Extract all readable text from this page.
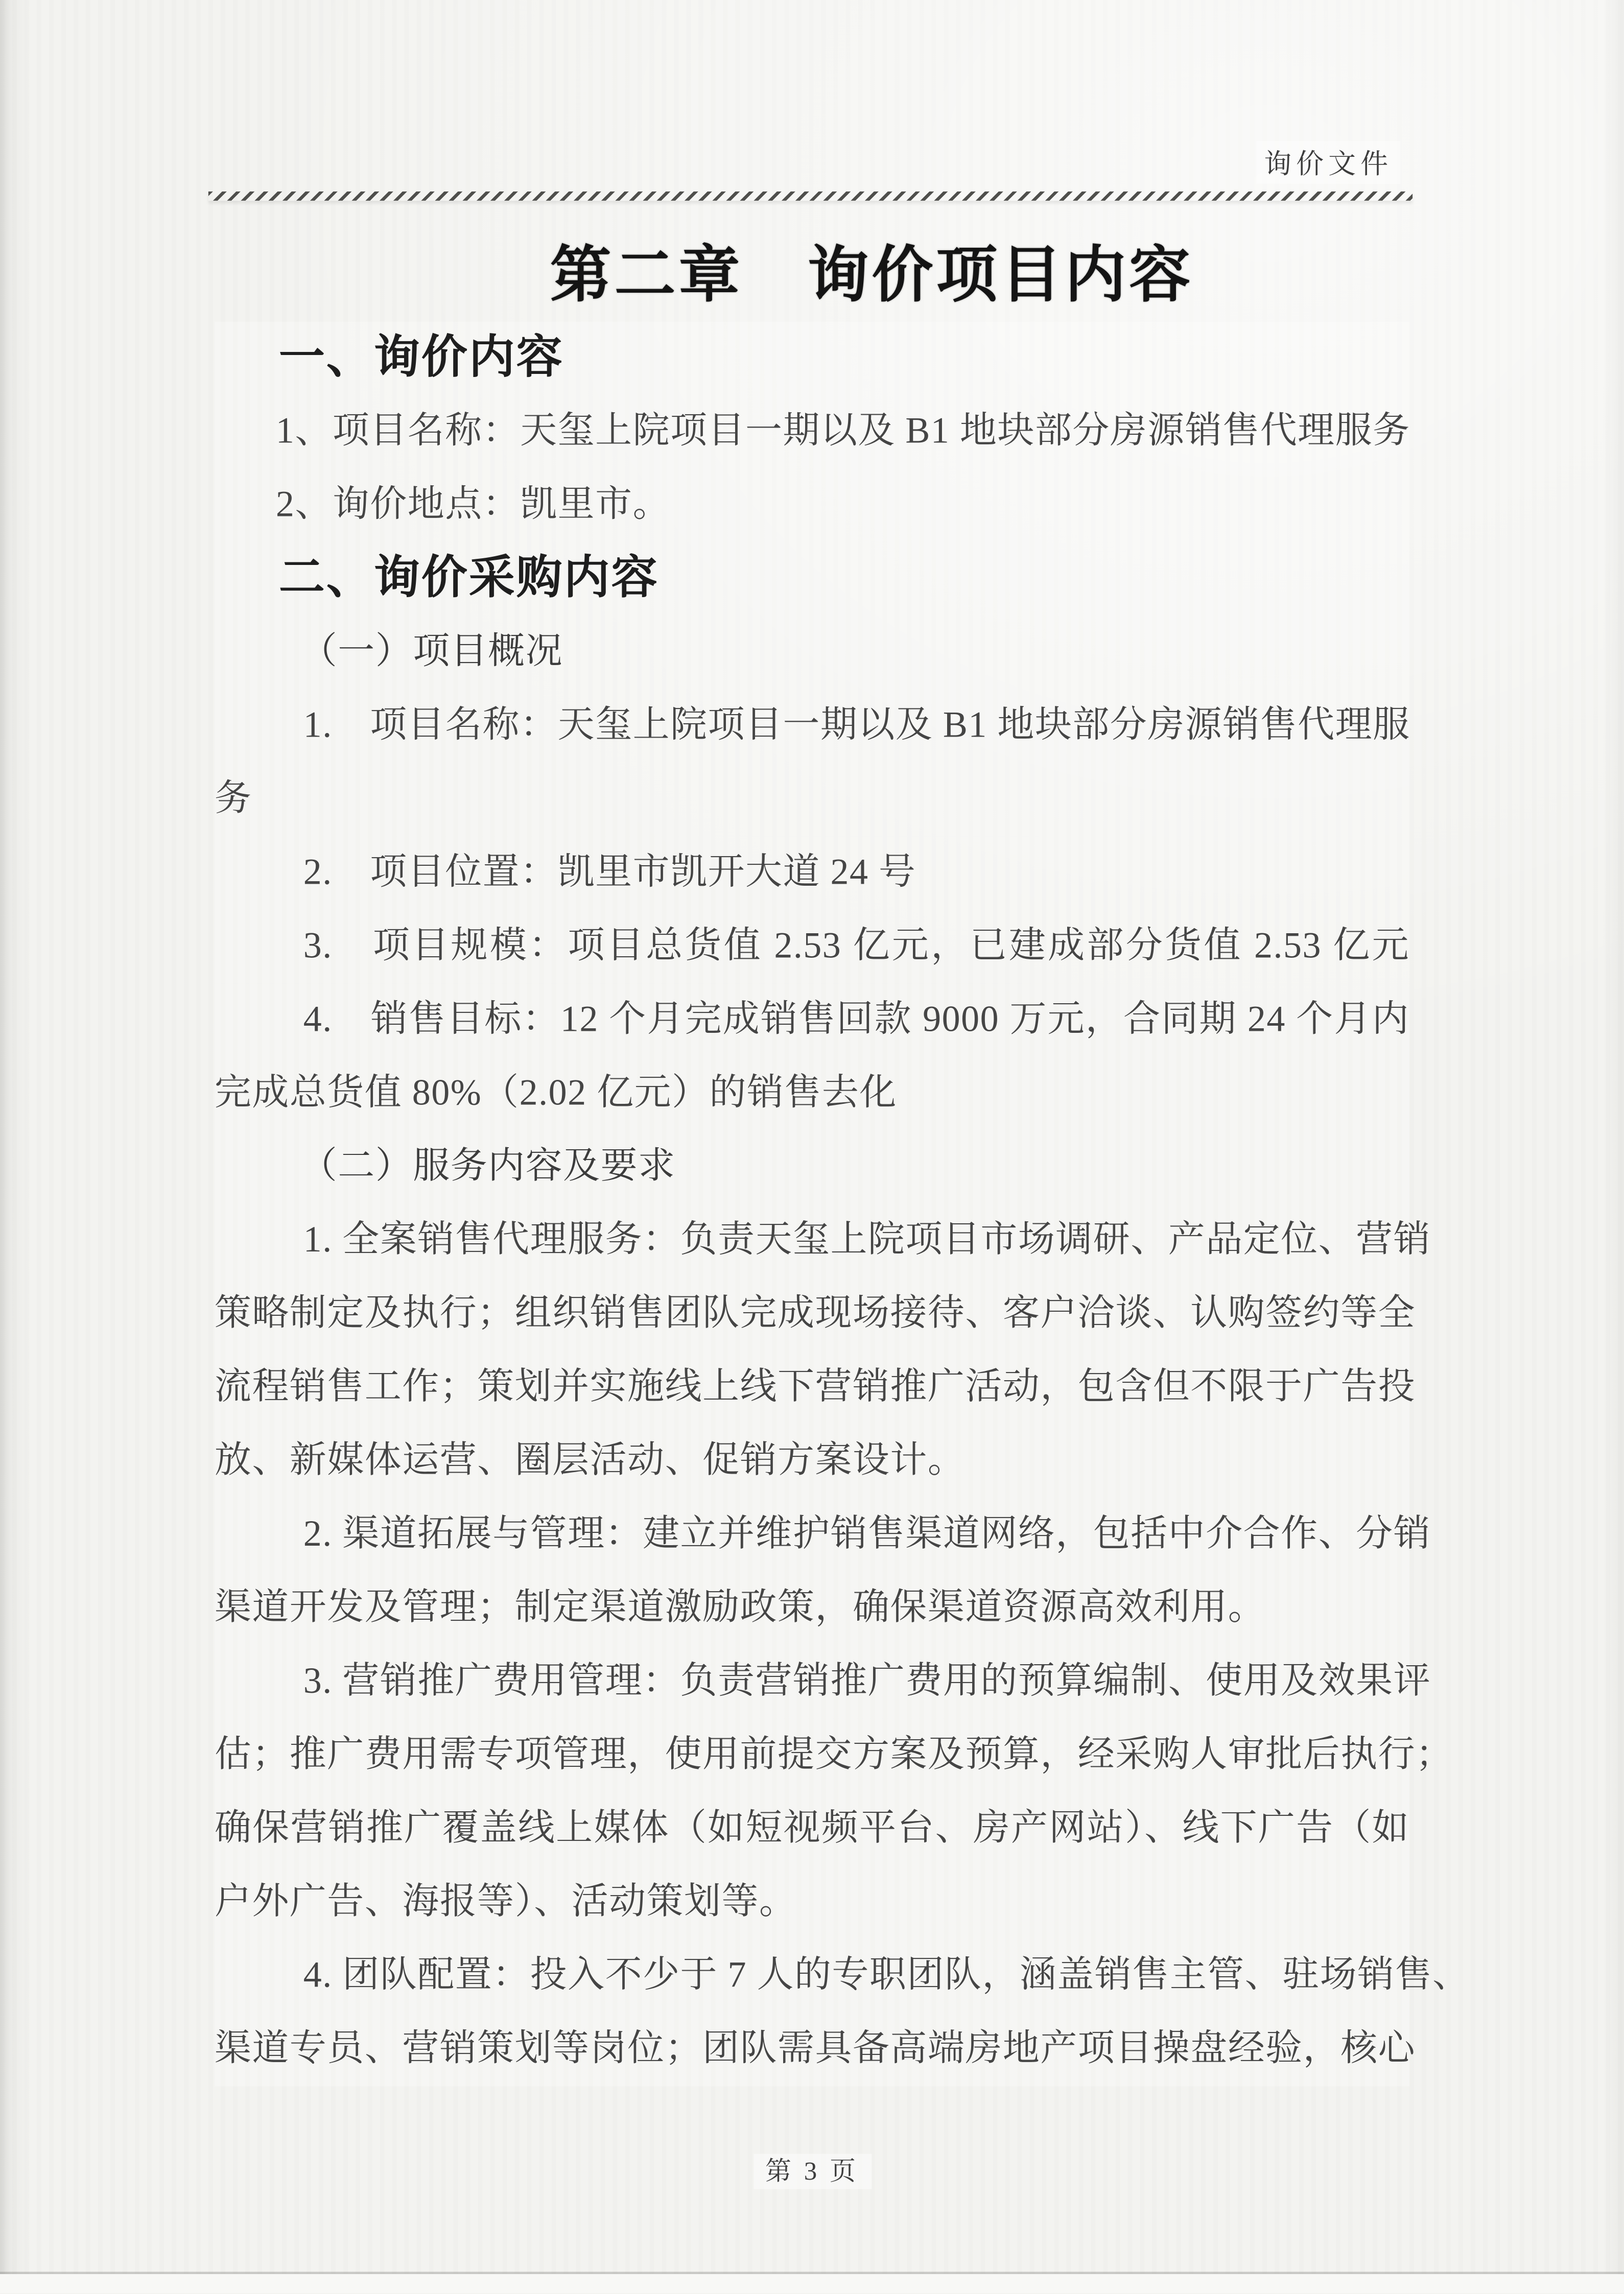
询价文件
第二章　询价项目内容
一、询价内容
1、项目名称：天玺上院项目一期以及 B1 地块部分房源销售代理服务
2、询价地点：凯里市。
二、询价采购内容
（一）项目概况
1.　项目名称：天玺上院项目一期以及 B1 地块部分房源销售代理服
务
2.　项目位置：凯里市凯开大道 24 号
3.　项目规模：项目总货值 2.53 亿元，已建成部分货值 2.53 亿元
4.　销售目标：12 个月完成销售回款 9000 万元，合同期 24 个月内
完成总货值 80%（2.02 亿元）的销售去化
（二）服务内容及要求
1. 全案销售代理服务：负责天玺上院项目市场调研、产品定位、营销
策略制定及执行；组织销售团队完成现场接待、客户洽谈、认购签约等全
流程销售工作；策划并实施线上线下营销推广活动，包含但不限于广告投
放、新媒体运营、圈层活动、促销方案设计。
2. 渠道拓展与管理：建立并维护销售渠道网络，包括中介合作、分销
渠道开发及管理；制定渠道激励政策，确保渠道资源高效利用。
3. 营销推广费用管理：负责营销推广费用的预算编制、使用及效果评
估；推广费用需专项管理，使用前提交方案及预算，经采购人审批后执行；
确保营销推广覆盖线上媒体（如短视频平台、房产网站）、线下广告（如
户外广告、海报等）、活动策划等。
4. 团队配置：投入不少于 7 人的专职团队，涵盖销售主管、驻场销售、
渠道专员、营销策划等岗位；团队需具备高端房地产项目操盘经验，核心
第 3 页
